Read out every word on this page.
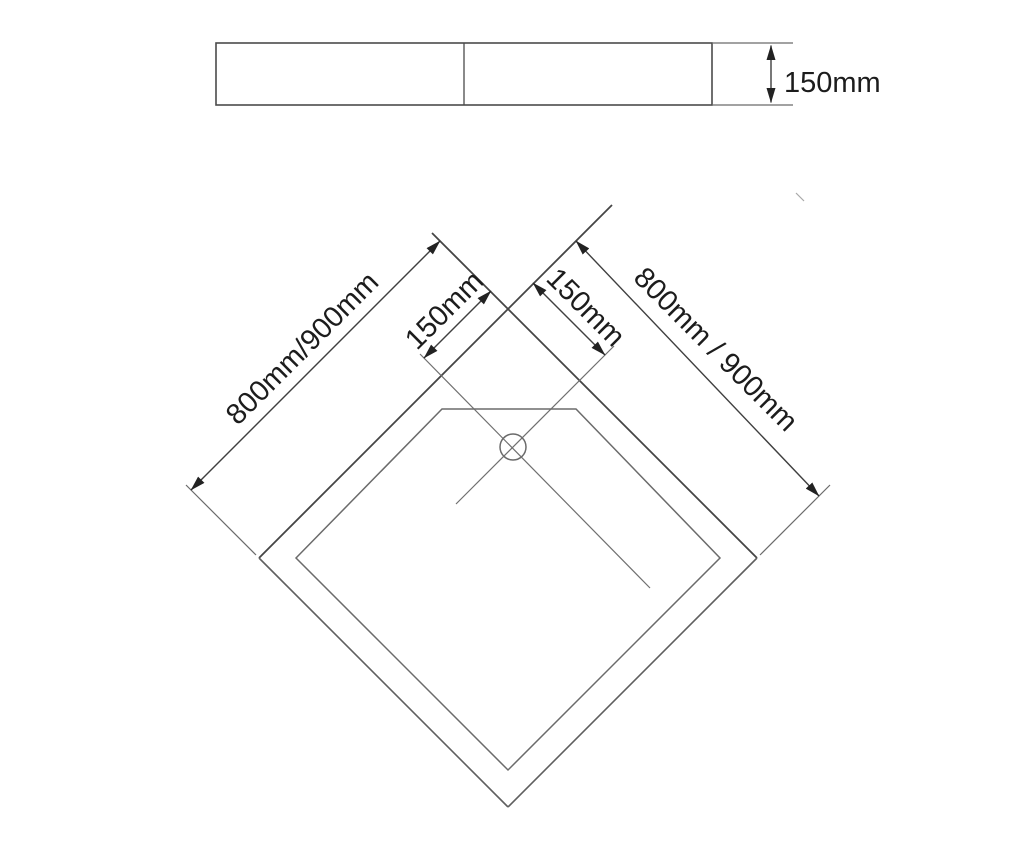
150mm
800mm/900mm	800mm / 900mm
150mm 150mm
